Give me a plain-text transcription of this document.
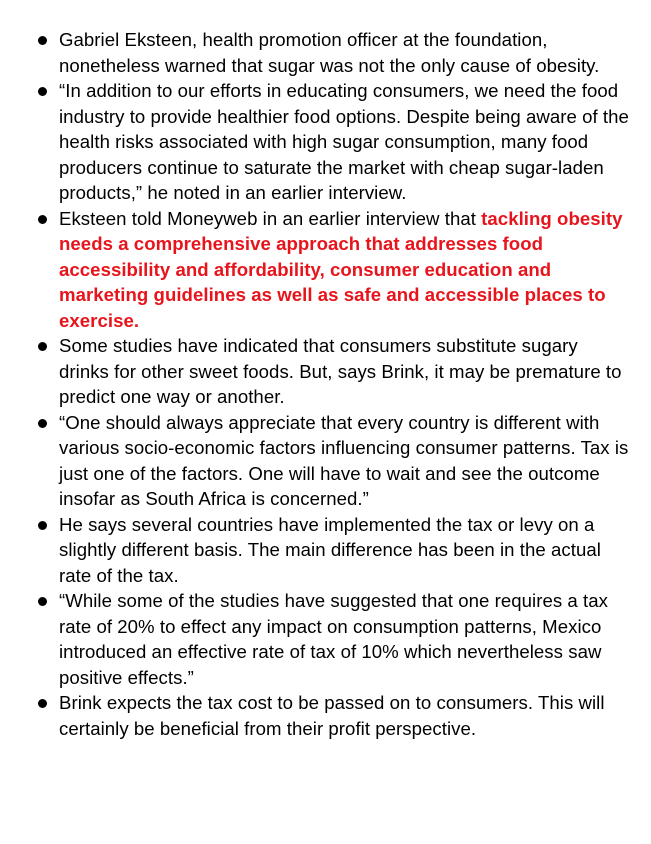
Gabriel Eksteen, health promotion officer at the foundation, nonetheless warned that sugar was not the only cause of obesity.
“In addition to our efforts in educating consumers, we need the food industry to provide healthier food options. Despite being aware of the health risks associated with high sugar consumption, many food producers continue to saturate the market with cheap sugar-laden products,” he noted in an earlier interview.
Eksteen told Moneyweb in an earlier interview that tackling obesity needs a comprehensive approach that addresses food accessibility and affordability, consumer education and marketing guidelines as well as safe and accessible places to exercise.
Some studies have indicated that consumers substitute sugary drinks for other sweet foods. But, says Brink, it may be premature to predict one way or another.
“One should always appreciate that every country is different with various socio-economic factors influencing consumer patterns. Tax is just one of the factors. One will have to wait and see the outcome insofar as South Africa is concerned.”
He says several countries have implemented the tax or levy on a slightly different basis. The main difference has been in the actual rate of the tax.
“While some of the studies have suggested that one requires a tax rate of 20% to effect any impact on consumption patterns, Mexico introduced an effective rate of tax of 10% which nevertheless saw positive effects.”
Brink expects the tax cost to be passed on to consumers. This will certainly be beneficial from their profit perspective.
